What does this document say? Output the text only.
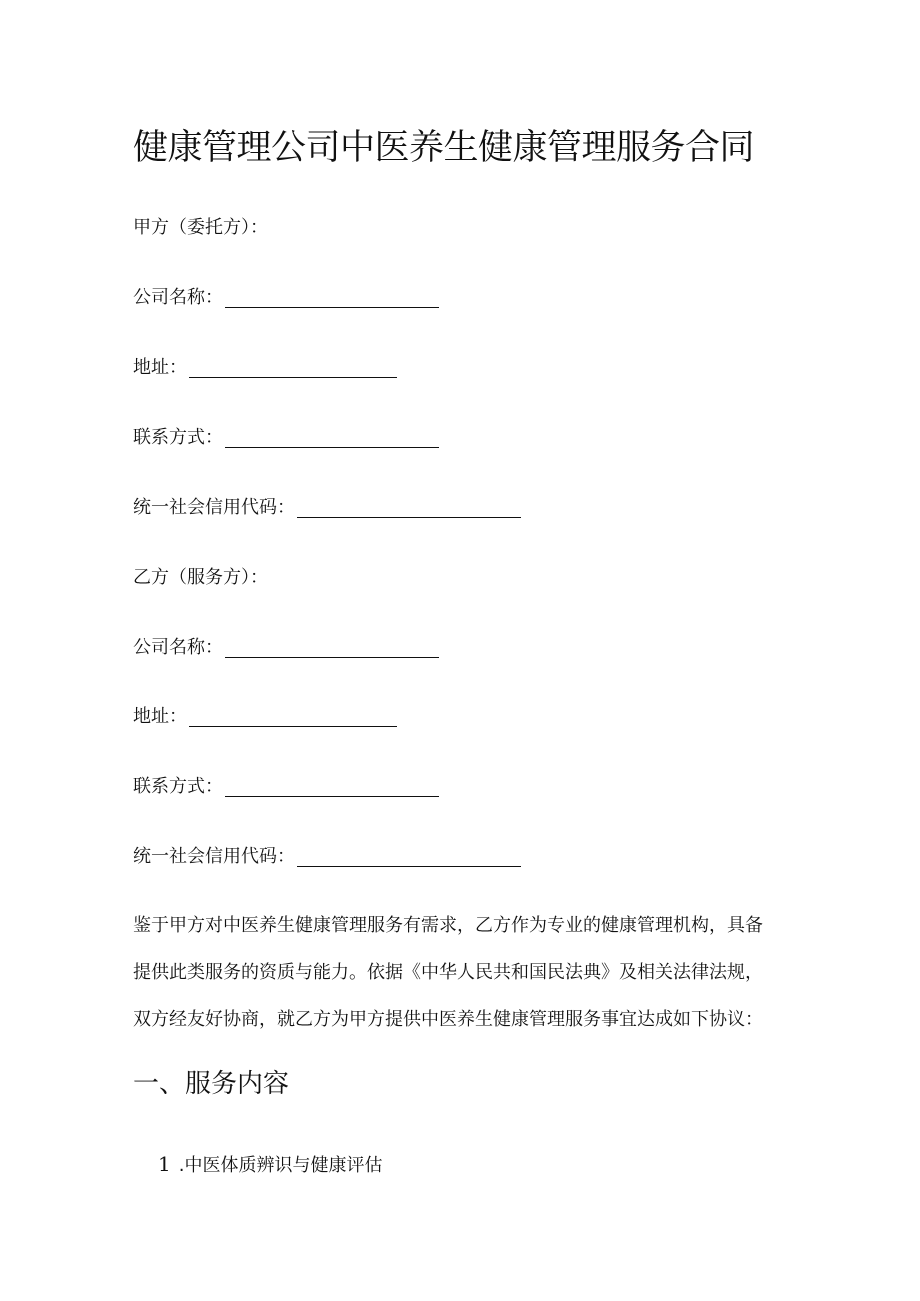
健康管理公司中医养生健康管理服务合同
甲方（委托方）：
公司名称：
地址：
联系方式：
统一社会信用代码：
乙方（服务方）：
公司名称：
地址：
联系方式：
统一社会信用代码：
鉴于甲方对中医养生健康管理服务有需求，乙方作为专业的健康管理机构，具备
提供此类服务的资质与能力。依据《中华人民共和国民法典》及相关法律法规，
双方经友好协商，就乙方为甲方提供中医养生健康管理服务事宜达成如下协议：
一、服务内容
1 .中医体质辨识与健康评估
